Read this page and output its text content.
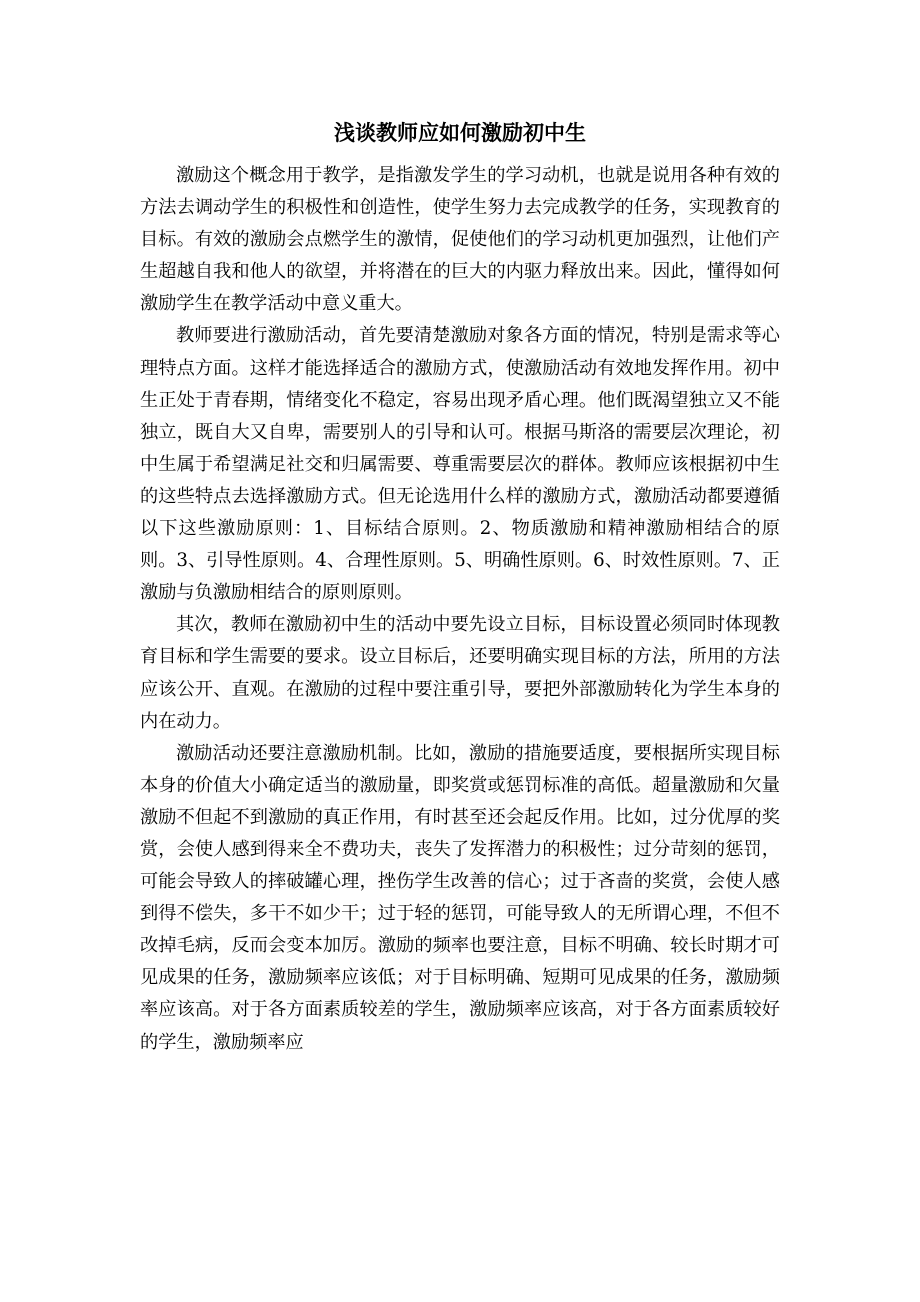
浅谈教师应如何激励初中生

激励这个概念用于教学，是指激发学生的学习动机，也就是说用各种有效的方法去调动学生的积极性和创造性，使学生努力去完成教学的任务，实现教育的目标。有效的激励会点燃学生的激情，促使他们的学习动机更加强烈，让他们产生超越自我和他人的欲望，并将潜在的巨大的内驱力释放出来。因此，懂得如何激励学生在教学活动中意义重大。

教师要进行激励活动，首先要清楚激励对象各方面的情况，特别是需求等心理特点方面。这样才能选择适合的激励方式，使激励活动有效地发挥作用。初中生正处于青春期，情绪变化不稳定，容易出现矛盾心理。他们既渴望独立又不能独立，既自大又自卑，需要别人的引导和认可。根据马斯洛的需要层次理论，初中生属于希望满足社交和归属需要、尊重需要层次的群体。教师应该根据初中生的这些特点去选择激励方式。但无论选用什么样的激励方式，激励活动都要遵循以下这些激励原则：1、目标结合原则。2、物质激励和精神激励相结合的原则。3、引导性原则。4、合理性原则。5、明确性原则。6、时效性原则。7、正激励与负激励相结合的原则原则。

其次，教师在激励初中生的活动中要先设立目标，目标设置必须同时体现教育目标和学生需要的要求。设立目标后，还要明确实现目标的方法，所用的方法应该公开、直观。在激励的过程中要注重引导，要把外部激励转化为学生本身的内在动力。

激励活动还要注意激励机制。比如，激励的措施要适度，要根据所实现目标本身的价值大小确定适当的激励量，即奖赏或惩罚标准的高低。超量激励和欠量激励不但起不到激励的真正作用，有时甚至还会起反作用。比如，过分优厚的奖赏，会使人感到得来全不费功夫，丧失了发挥潜力的积极性；过分苛刻的惩罚，可能会导致人的摔破罐心理，挫伤学生改善的信心；过于吝啬的奖赏，会使人感到得不偿失，多干不如少干；过于轻的惩罚，可能导致人的无所谓心理，不但不改掉毛病，反而会变本加厉。激励的频率也要注意，目标不明确、较长时期才可见成果的任务，激励频率应该低；对于目标明确、短期可见成果的任务，激励频率应该高。对于各方面素质较差的学生，激励频率应该高，对于各方面素质较好的学生，激励频率应
